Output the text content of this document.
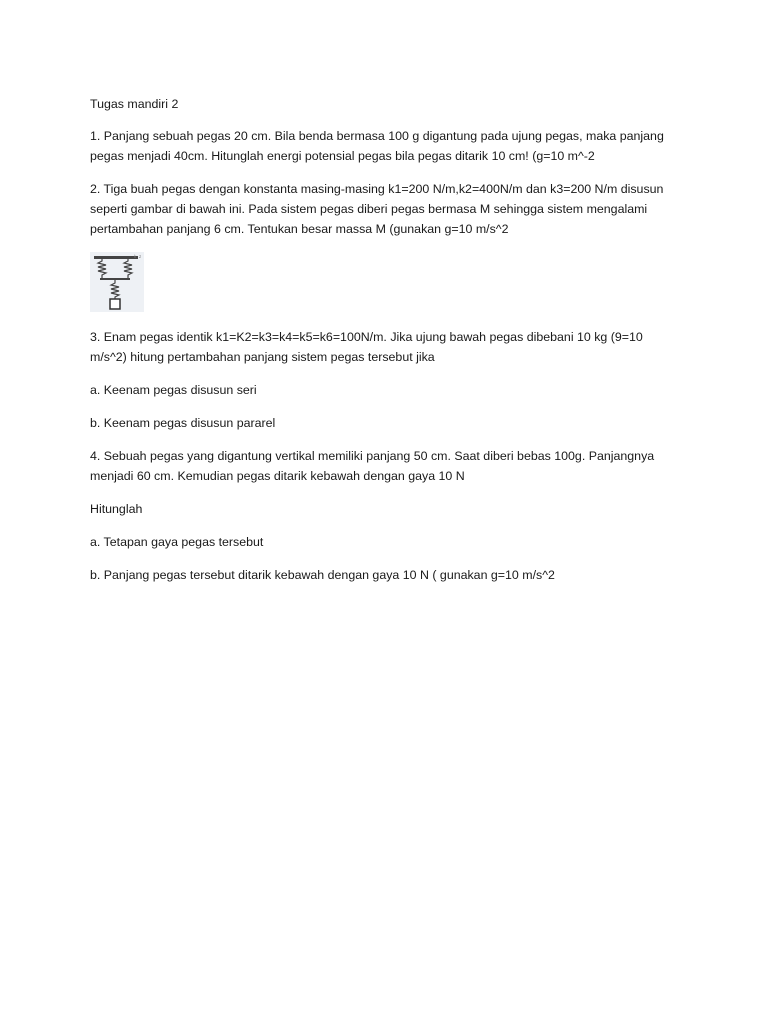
Tugas mandiri 2

1. Panjang sebuah pegas 20 cm. Bila benda bermasa 100 g digantung pada ujung pegas, maka panjang pegas menjadi 40cm. Hitunglah energi potensial pegas bila pegas ditarik 10 cm! (g=10 m^-2

2. Tiga buah pegas dengan konstanta masing-masing k1=200 N/m,k2=400N/m dan k3=200 N/m disusun seperti gambar di bawah ini. Pada sistem pegas diberi pegas bermasa M sehingga sistem mengalami pertambahan panjang 6 cm. Tentukan besar massa M (gunakan g=10 m/s^2

k z

3. Enam pegas identik k1=K2=k3=k4=k5=k6=100N/m. Jika ujung bawah pegas dibebani 10 kg (9=10 m/s^2) hitung pertambahan panjang sistem pegas tersebut jika

a. Keenam pegas disusun seri

b. Keenam pegas disusun pararel

4. Sebuah pegas yang digantung vertikal memiliki panjang 50 cm. Saat diberi bebas 100g. Panjangnya menjadi 60 cm. Kemudian pegas ditarik kebawah dengan gaya 10 N

Hitunglah

a. Tetapan gaya pegas tersebut

b. Panjang pegas tersebut ditarik kebawah dengan gaya 10 N ( gunakan g=10 m/s^2
